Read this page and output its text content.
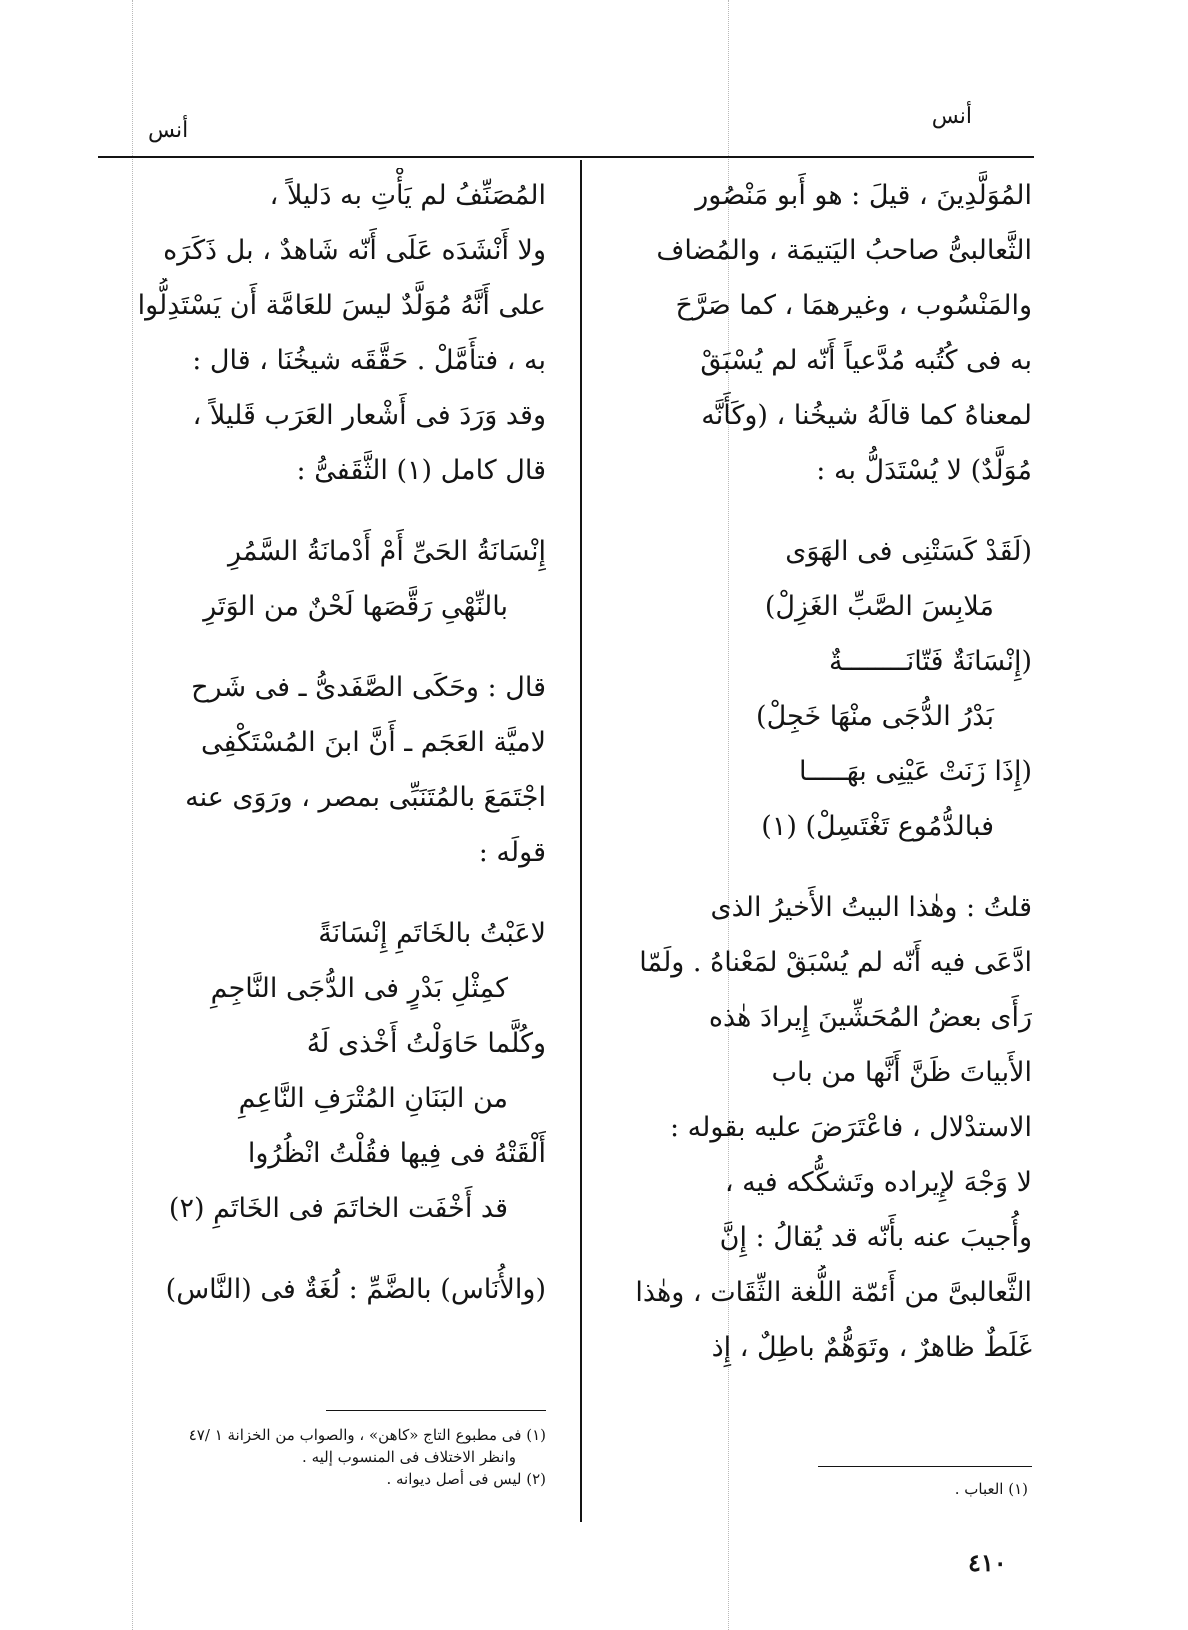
أنس
أنس
المُوَلَّدِينَ ، قيلَ : هو أَبو مَنْصُور
الثَّعالبىُّ صاحبُ اليَتيمَة ، والمُضاف
والمَنْسُوب ، وغيرهمَا ، كما صَرَّحَ
به فى كُتُبه مُدَّعياً أَنّه لم يُسْبَقْ
لمعناهُ كما قالَهُ شيخُنا ، (وكَأَنَّه
مُوَلَّدٌ) لا يُسْتَدَلُّ به :
(لَقَدْ كَسَتْنِى فى الهَوَى
مَلابِسَ الصَّبِّ الغَزِلْ)
(إِنْسَانَةٌ فَتّانَــــــــةٌ
بَدْرُ الدُّجَى منْهَا خَجِلْ)
(إِذَا زَنَتْ عَيْنِى بهَـــــا
فبالدُّمُوع تَغْتَسِلْ) (١)
قلتُ : وهٰذا البيتُ الأَخيرُ الذى
ادَّعَى فيه أَنّه لم يُسْبَقْ لمَعْناهُ . ولَمّا
رَأَى بعضُ المُحَشِّينَ إِيرادَ هٰذه
الأَبياتَ ظَنَّ أَنَّها من باب
الاستدْلال ، فاعْتَرَضَ عليه بقوله :
لا وَجْهَ لإِيراده وتَشكُّكه فيه ،
وأُجيبَ عنه بأَنّه قد يُقالُ : إِنَّ
الثَّعالبىَّ من أَئمّة اللُّغة الثِّقَات ، وهٰذا
غَلَطٌ ظاهرٌ ، وتَوَهُّمٌ باطِلٌ ، إِذ
(١) العباب .
المُصَنِّفُ لم يَأْتِ به دَليلاً ،
ولا أَنْشَدَه عَلَى أَنّه شَاهدٌ ، بل ذَكَرَه
على أَنَّهُ مُوَلَّدٌ ليسَ للعَامَّة أَن يَسْتَدِلُّوا
به ، فتأَمَّلْ . حَقَّقَه شيخُنَا ، قال :
وقد وَرَدَ فى أَشْعار العَرَب قَليلاً ،
قال كامل (١) الثَّقَفىُّ :
إِنْسَانَةُ الحَىِّ أَمْ أَدْمانَةُ السَّمُرِ
بالنِّهْىِ رَقَّصَها لَحْنٌ من الوَتَرِ
قال : وحَكَى الصَّفَدىُّ ـ فى شَرح
لاميَّة العَجَم ـ أَنَّ ابنَ المُسْتَكْفِى
اجْتَمَعَ بالمُتَنَبِّى بمصر ، ورَوَى عنه
قولَه :
لاعَبْتُ بالخَاتَمِ إِنْسَانَةً
كمِثْلِ بَدْرٍ فى الدُّجَى النَّاجِمِ
وكُلَّما حَاوَلْتُ أَخْذى لَهُ
من البَنَانِ المُتْرَفِ النَّاعِمِ
أَلْقَتْهُ فى فِيها فقُلْتُ انْظُرُوا
قد أَخْفَت الخاتَمَ فى الخَاتَمِ (٢)
(والأُنَاس) بالضَّمِّ : لُغَةٌ فى (النَّاس)
(١) فى مطبوع التاج «كاهن» ، والصواب من الخزانة ١ /٤٧
وانظر الاختلاف فى المنسوب إليه .
(٢) ليس فى أصل ديوانه .
٤١٠
